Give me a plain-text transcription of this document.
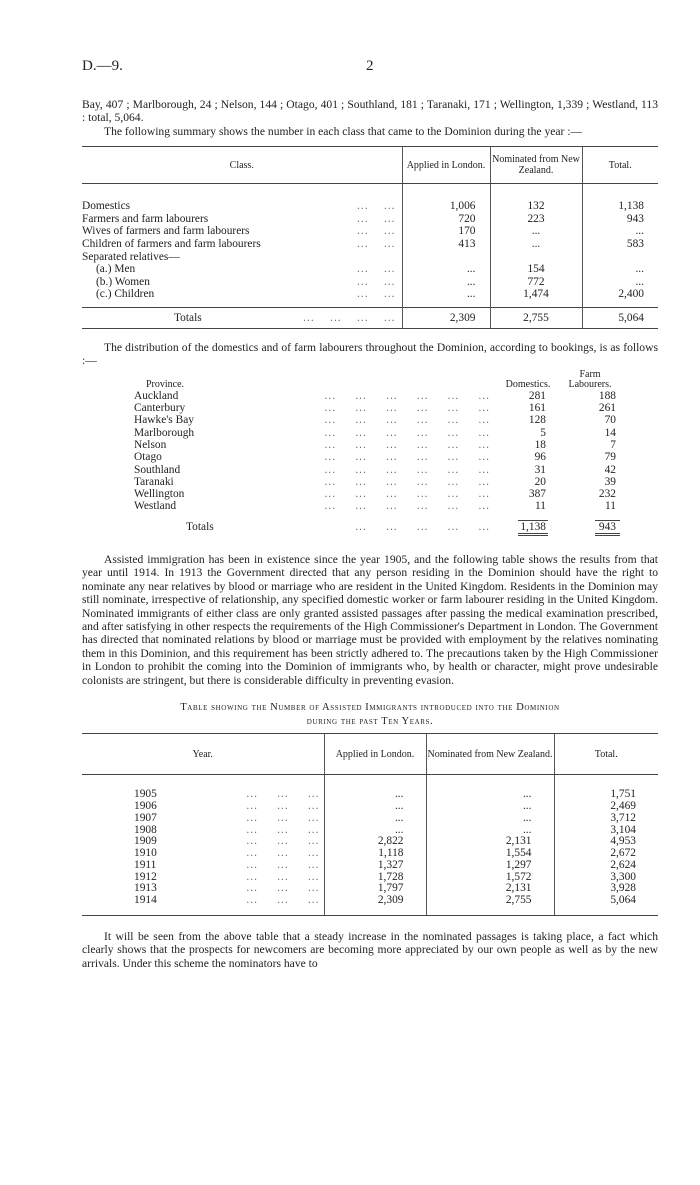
D.—9.	2

Bay, 407 ; Marlborough, 24 ; Nelson, 144 ; Otago, 401 ; Southland, 181 ; Taranaki, 171 ; Wellington, 1,339 ; Westland, 113 : total, 5,064.

The following summary shows the number in each class that came to the Dominion during the year :—

Class.	Applied in London.	Nominated from New Zealand.	Total.

Domestics ...    ...	1,006	132	1,138

Farmers and farm labourers ...    ...	720	223	943

Wives of farmers and farm labourers ...    ...	170	...	...

Children of farmers and farm labourers ...    ...	413	...	583

Separated relatives—			

(a.) Men ...    ...	...	154	...

(b.) Women ...    ...	...	772	...

(c.) Children ...    ...	...	1,474	2,400

Totals ...    ...    ...    ...	2,309	2,755	5,064

The distribution of the domestics and of farm labourers throughout the Dominion, according to bookings, is as follows :—

Province.	Domestics.	Farm Labourers.

Auckland ...     ...     ...     ...     ...     ...	281	188

Canterbury ...     ...     ...     ...     ...     ...	161	261

Hawke's Bay ...     ...     ...     ...     ...     ...	128	70

Marlborough ...     ...     ...     ...     ...     ...	5	14

Nelson ...     ...     ...     ...     ...     ...	18	7

Otago ...     ...     ...     ...     ...     ...	96	79

Southland ...     ...     ...     ...     ...     ...	31	42

Taranaki ...     ...     ...     ...     ...     ...	20	39

Wellington ...     ...     ...     ...     ...     ...	387	232

Westland ...     ...     ...     ...     ...     ...	11	11

Totals ...     ...     ...     ...     ...	1,138	943

Assisted immigration has been in existence since the year 1905, and the following table shows the results from that year until 1914. In 1913 the Government directed that any person residing in the Dominion should have the right to nominate any near relatives by blood or marriage who are resident in the United Kingdom. Residents in the Dominion may still nominate, irrespective of relationship, any specified domestic worker or farm labourer residing in the United Kingdom. Nominated immigrants of either class are only granted assisted passages after passing the medical examination prescribed, and after satisfying in other respects the requirements of the High Commissioner's Department in London. The Government has directed that nominated relations by blood or marriage must be provided with employment by the relatives nominating them in this Dominion, and this requirement has been strictly adhered to. The precautions taken by the High Commissioner in London to prohibit the coming into the Dominion of immigrants who, by health or character, might prove undesirable colonists are stringent, but there is considerable difficulty in preventing evasion.

Table showing the Number of Assisted Immigrants introduced into the Dominion
during the past Ten Years.
Year.	Applied in London.	Nominated from New Zealand.	Total.

1905 ...     ...     ...	...	...	1,751

1906 ...     ...     ...	...	...	2,469

1907 ...     ...     ...	...	...	3,712

1908 ...     ...     ...	...	...	3,104

1909 ...     ...     ...	2,822	2,131	4,953

1910 ...     ...     ...	1,118	1,554	2,672

1911 ...     ...     ...	1,327	1,297	2,624

1912 ...     ...     ...	1,728	1,572	3,300

1913 ...     ...     ...	1,797	2,131	3,928

1914 ...     ...     ...	2,309	2,755	5,064

It will be seen from the above table that a steady increase in the nominated passages is taking place, a fact which clearly shows that the prospects for newcomers are becoming more appreciated by our own people as well as by the new arrivals. Under this scheme the nominators have to
